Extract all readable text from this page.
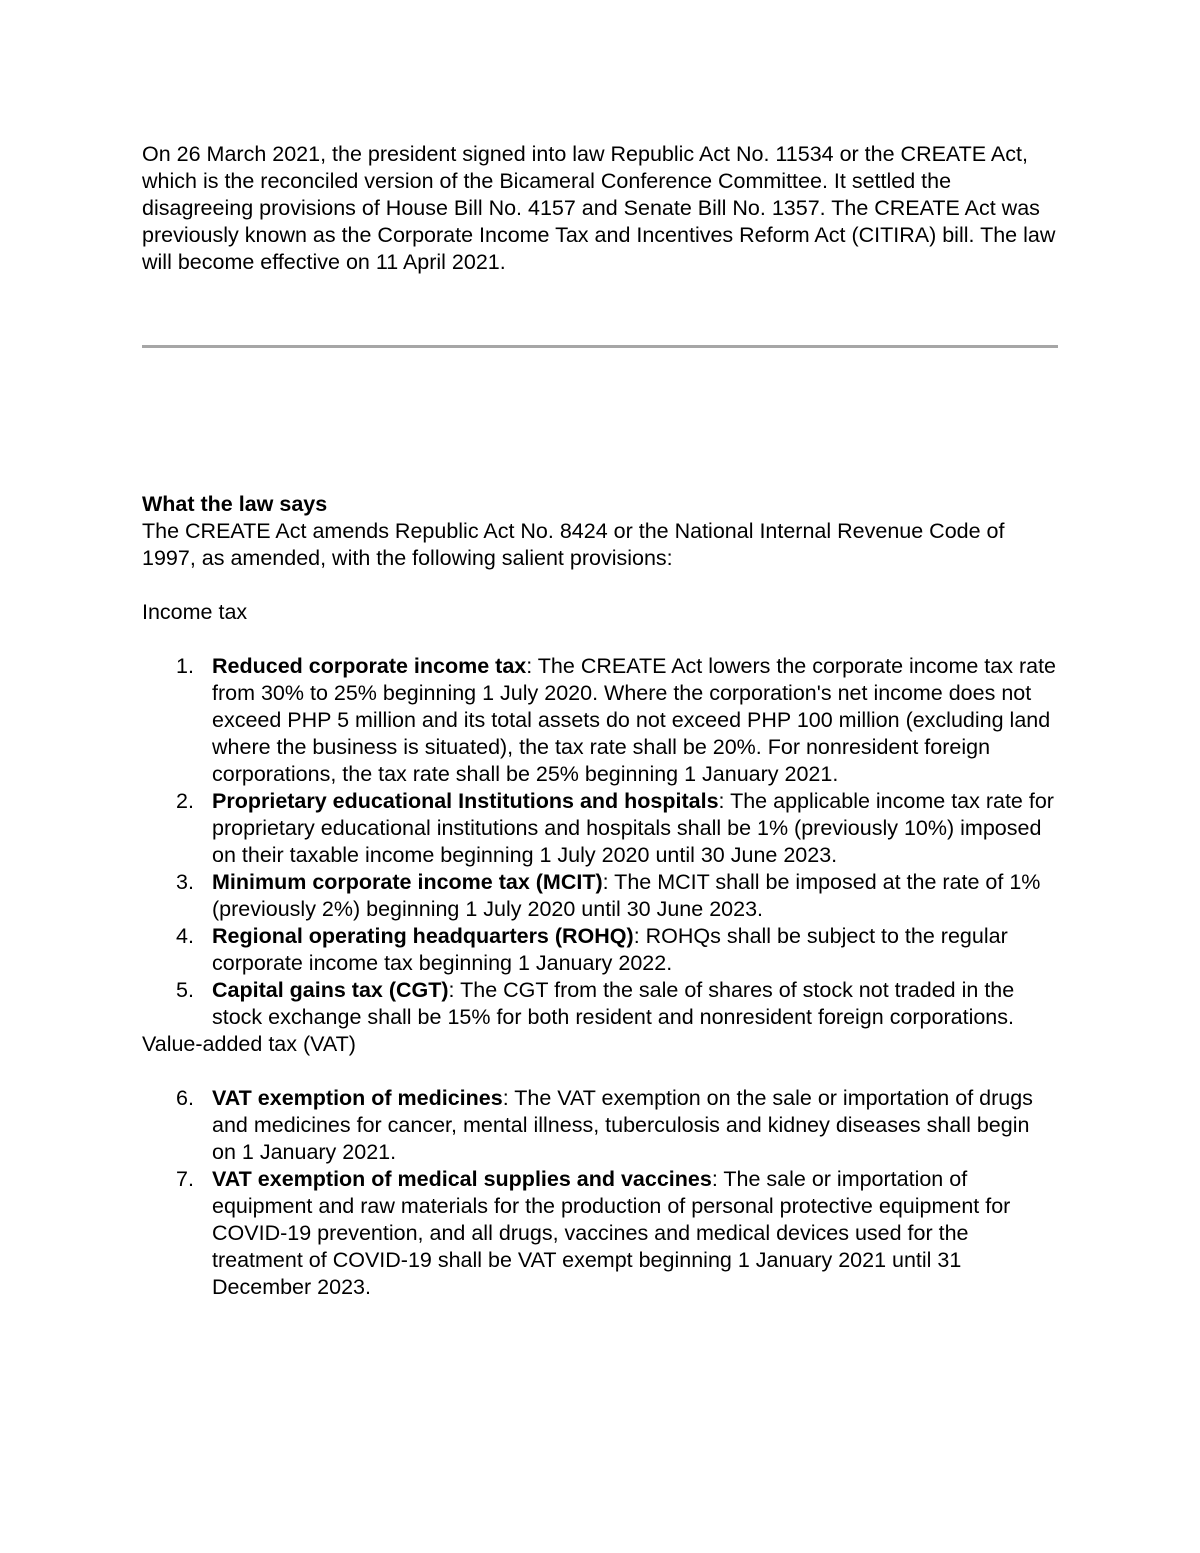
On 26 March 2021, the president signed into law Republic Act No. 11534 or the CREATE Act, which is the reconciled version of the Bicameral Conference Committee. It settled the disagreeing provisions of House Bill No. 4157 and Senate Bill No. 1357. The CREATE Act was previously known as the Corporate Income Tax and Incentives Reform Act (CITIRA) bill. The law will become effective on 11 April 2021.

What the law says

The CREATE Act amends Republic Act No. 8424 or the National Internal Revenue Code of 1997, as amended, with the following salient provisions:

Income tax

1. Reduced corporate income tax: The CREATE Act lowers the corporate income tax rate from 30% to 25% beginning 1 July 2020. Where the corporation's net income does not exceed PHP 5 million and its total assets do not exceed PHP 100 million (excluding land where the business is situated), the tax rate shall be 20%. For nonresident foreign corporations, the tax rate shall be 25% beginning 1 January 2021.
2. Proprietary educational Institutions and hospitals: The applicable income tax rate for proprietary educational institutions and hospitals shall be 1% (previously 10%) imposed on their taxable income beginning 1 July 2020 until 30 June 2023.
3. Minimum corporate income tax (MCIT): The MCIT shall be imposed at the rate of 1% (previously 2%) beginning 1 July 2020 until 30 June 2023.
4. Regional operating headquarters (ROHQ): ROHQs shall be subject to the regular corporate income tax beginning 1 January 2022.
5. Capital gains tax (CGT): The CGT from the sale of shares of stock not traded in the stock exchange shall be 15% for both resident and nonresident foreign corporations.

Value-added tax (VAT)

6. VAT exemption of medicines: The VAT exemption on the sale or importation of drugs and medicines for cancer, mental illness, tuberculosis and kidney diseases shall begin on 1 January 2021.
7. VAT exemption of medical supplies and vaccines: The sale or importation of equipment and raw materials for the production of personal protective equipment for COVID-19 prevention, and all drugs, vaccines and medical devices used for the treatment of COVID-19 shall be VAT exempt beginning 1 January 2021 until 31 December 2023.
